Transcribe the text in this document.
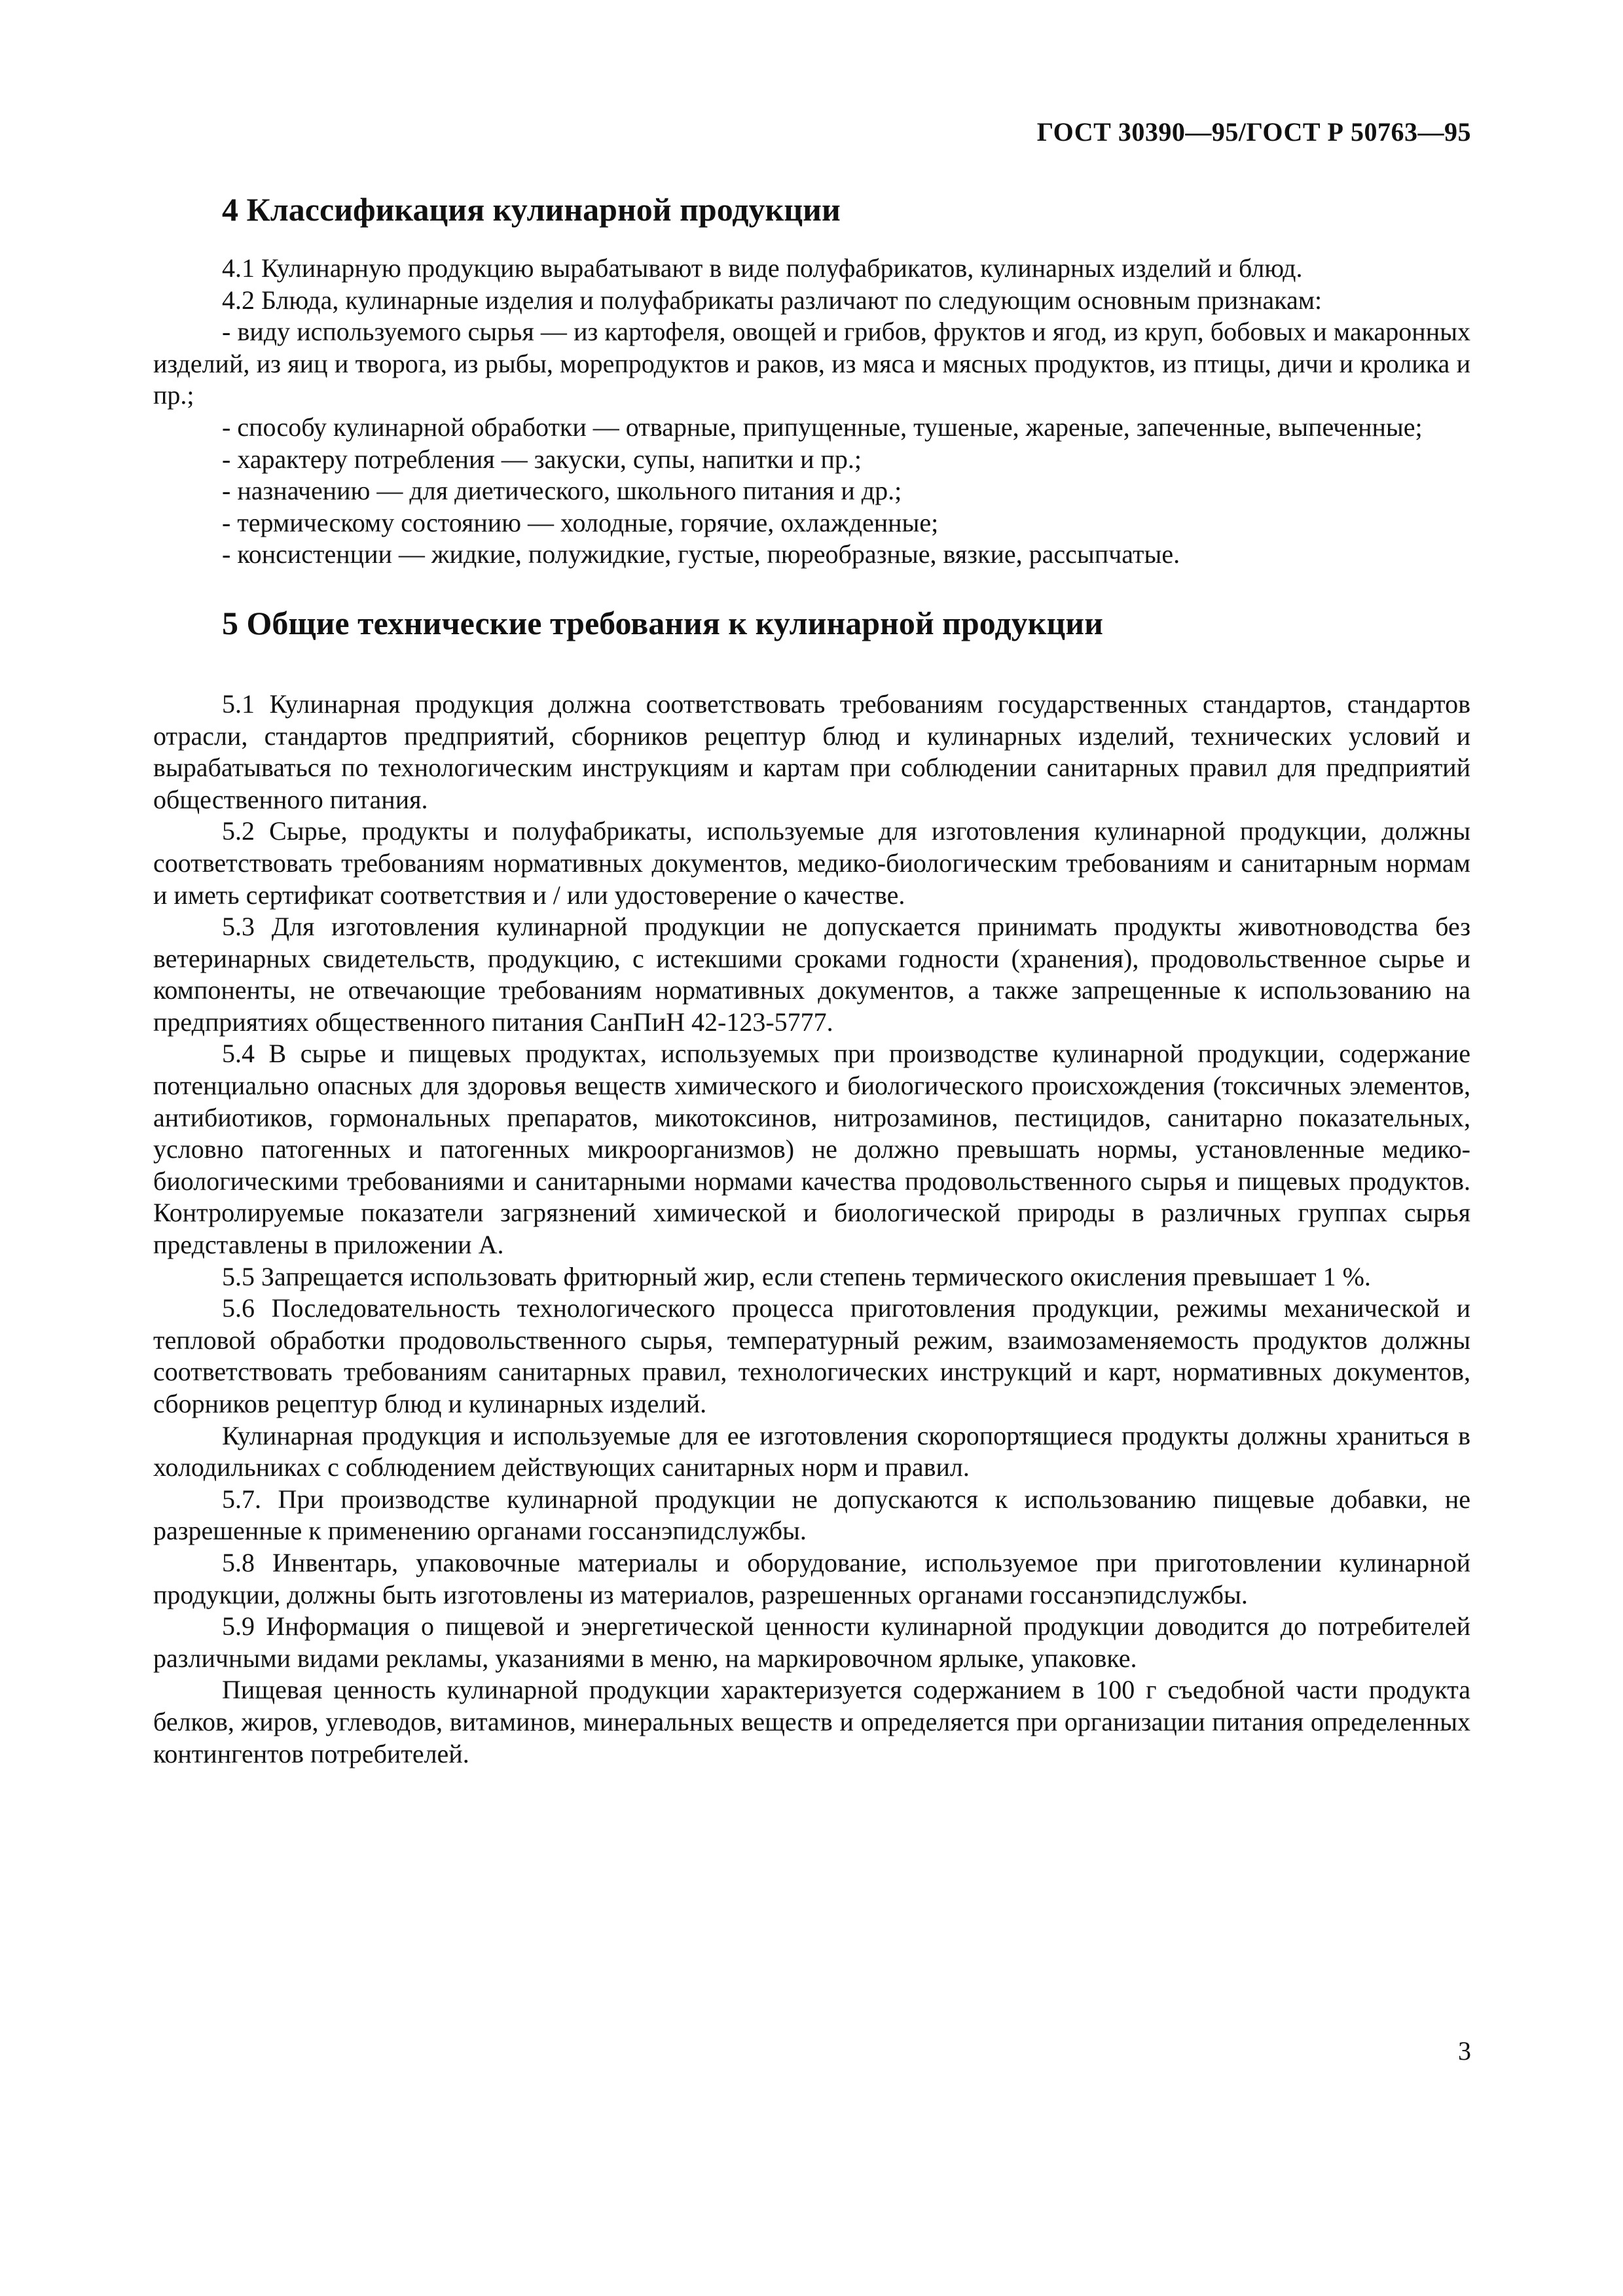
ГОСТ 30390—95/ГОСТ Р 50763—95
4 Классификация кулинарной продукции

4.1 Кулинарную продукцию вырабатывают в виде полуфабрикатов, кулинарных изделий и блюд.

4.2 Блюда, кулинарные изделия и полуфабрикаты различают по следующим основным признакам:

- виду используемого сырья — из картофеля, овощей и грибов, фруктов и ягод, из круп, бобовых и макаронных изделий, из яиц и творога, из рыбы, морепродуктов и раков, из мяса и мясных продуктов, из птицы, дичи и кролика и пр.;

- способу кулинарной обработки — отварные, припущенные, тушеные, жареные, запеченные, выпеченные;

- характеру потребления — закуски, супы, напитки и пр.;

- назначению — для диетического, школьного питания и др.;

- термическому состоянию — холодные, горячие, охлажденные;

- консистенции — жидкие, полужидкие, густые, пюреобразные, вязкие, рассыпчатые.

5 Общие технические требования к кулинарной продукции

5.1 Кулинарная продукция должна соответствовать требованиям государственных стандартов, стандартов отрасли, стандартов предприятий, сборников рецептур блюд и кулинарных изделий, технических условий и вырабатываться по технологическим инструкциям и картам при соблюдении санитарных правил для предприятий общественного питания.

5.2 Сырье, продукты и полуфабрикаты, используемые для изготовления кулинарной продукции, должны соответствовать требованиям нормативных документов, медико-биологическим требованиям и санитарным нормам и иметь сертификат соответствия и / или удостоверение о качестве.

5.3 Для изготовления кулинарной продукции не допускается принимать продукты животноводства без ветеринарных свидетельств, продукцию, с истекшими сроками годности (хранения), продовольственное сырье и компоненты, не отвечающие требованиям нормативных документов, а также запрещенные к использованию на предприятиях общественного питания СанПиН 42-123-5777.

5.4 В сырье и пищевых продуктах, используемых при производстве кулинарной продукции, содержание потенциально опасных для здоровья веществ химического и биологического происхождения (токсичных элементов, антибиотиков, гормональных препаратов, микотоксинов, нитрозаминов, пестицидов, санитарно показательных, условно патогенных и патогенных микроорганизмов) не должно превышать нормы, установленные медико-биологическими требованиями и санитарными нормами качества продовольственного сырья и пищевых продуктов. Контролируемые показатели загрязнений химической и биологической природы в различных группах сырья представлены в приложении А.

5.5 Запрещается использовать фритюрный жир, если степень термического окисления превышает 1 %.

5.6 Последовательность технологического процесса приготовления продукции, режимы механической и тепловой обработки продовольственного сырья, температурный режим, взаимозаменяемость продуктов должны соответствовать требованиям санитарных правил, технологических инструкций и карт, нормативных документов, сборников рецептур блюд и кулинарных изделий.

Кулинарная продукция и используемые для ее изготовления скоропортящиеся продукты должны храниться в холодильниках с соблюдением действующих санитарных норм и правил.

5.7. При производстве кулинарной продукции не допускаются к использованию пищевые добавки, не разрешенные к применению органами госсанэпидслужбы.

5.8 Инвентарь, упаковочные материалы и оборудование, используемое при приготовлении кулинарной продукции, должны быть изготовлены из материалов, разрешенных органами госсанэпидслужбы.

5.9 Информация о пищевой и энергетической ценности кулинарной продукции доводится до потребителей различными видами рекламы, указаниями в меню, на маркировочном ярлыке, упаковке.

Пищевая ценность кулинарной продукции характеризуется содержанием в 100 г съедобной части продукта белков, жиров, углеводов, витаминов, минеральных веществ и определяется при организации питания определенных контингентов потребителей.

3
